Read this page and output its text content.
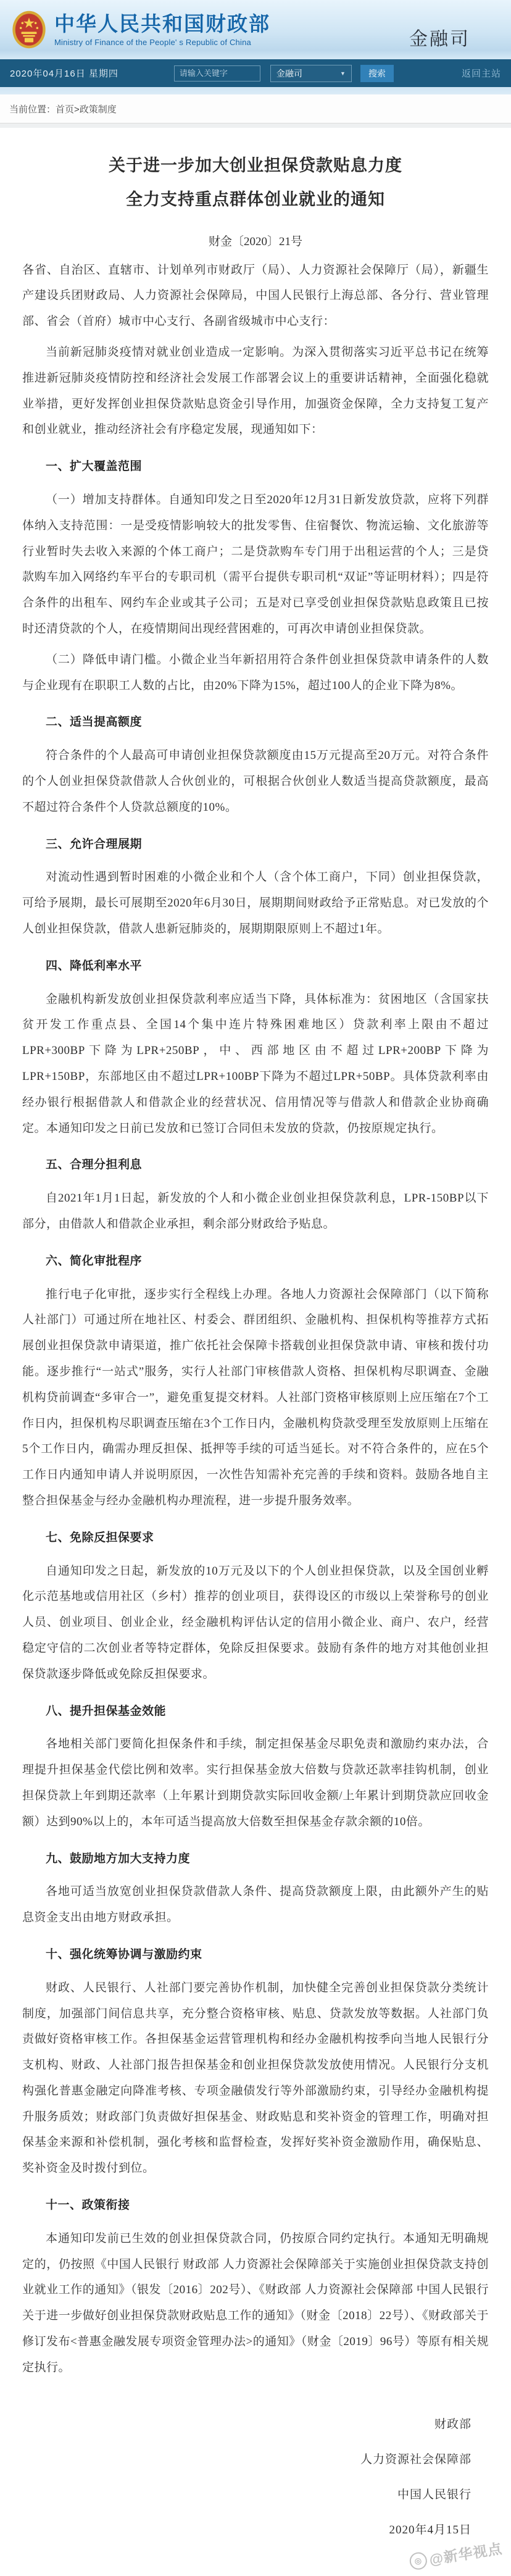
中华人民共和国财政部
Ministry of Finance of the People' s Republic of China	金融司
2020年04月16日 星期四
请输入关键字	金融司	▼	搜索	返回主站
当前位置：首页>政策制度
关于进一步加大创业担保贷款贴息力度
全力支持重点群体创业就业的通知
财金〔2020〕21号

各省、自治区、直辖市、计划单列市财政厅（局）、人力资源社会保障厅（局），新疆生产建设兵团财政局、人力资源社会保障局，中国人民银行上海总部、各分行、营业管理部、省会（首府）城市中心支行、各副省级城市中心支行：

当前新冠肺炎疫情对就业创业造成一定影响。为深入贯彻落实习近平总书记在统筹推进新冠肺炎疫情防控和经济社会发展工作部署会议上的重要讲话精神，全面强化稳就业举措，更好发挥创业担保贷款贴息资金引导作用，加强资金保障，全力支持复工复产和创业就业，推动经济社会有序稳定发展，现通知如下：

一、扩大覆盖范围

（一）增加支持群体。自通知印发之日至2020年12月31日新发放贷款，应将下列群体纳入支持范围：一是受疫情影响较大的批发零售、住宿餐饮、物流运输、文化旅游等行业暂时失去收入来源的个体工商户；二是贷款购车专门用于出租运营的个人；三是贷款购车加入网络约车平台的专职司机（需平台提供专职司机“双证”等证明材料）；四是符合条件的出租车、网约车企业或其子公司；五是对已享受创业担保贷款贴息政策且已按时还清贷款的个人，在疫情期间出现经营困难的，可再次申请创业担保贷款。

（二）降低申请门槛。小微企业当年新招用符合条件创业担保贷款申请条件的人数与企业现有在职职工人数的占比，由20%下降为15%，超过100人的企业下降为8%。

二、适当提高额度

符合条件的个人最高可申请创业担保贷款额度由15万元提高至20万元。对符合条件的个人创业担保贷款借款人合伙创业的，可根据合伙创业人数适当提高贷款额度，最高不超过符合条件个人贷款总额度的10%。

三、允许合理展期

对流动性遇到暂时困难的小微企业和个人（含个体工商户，下同）创业担保贷款，可给予展期，最长可展期至2020年6月30日，展期期间财政给予正常贴息。对已发放的个人创业担保贷款，借款人患新冠肺炎的，展期期限原则上不超过1年。

四、降低利率水平

金融机构新发放创业担保贷款利率应适当下降，具体标准为：贫困地区（含国家扶贫开发工作重点县、全国14个集中连片特殊困难地区）贷款利率上限由不超过LPR+300BP下降为LPR+250BP，中、西部地区由不超过LPR+200BP下降为LPR+150BP，东部地区由不超过LPR+100BP下降为不超过LPR+50BP。具体贷款利率由经办银行根据借款人和借款企业的经营状况、信用情况等与借款人和借款企业协商确定。本通知印发之日前已发放和已签订合同但未发放的贷款，仍按原规定执行。

五、合理分担利息

自2021年1月1日起，新发放的个人和小微企业创业担保贷款利息，LPR-150BP以下部分，由借款人和借款企业承担，剩余部分财政给予贴息。

六、简化审批程序

推行电子化审批，逐步实行全程线上办理。各地人力资源社会保障部门（以下简称人社部门）可通过所在地社区、村委会、群团组织、金融机构、担保机构等推荐方式拓展创业担保贷款申请渠道，推广依托社会保障卡搭载创业担保贷款申请、审核和拨付功能。逐步推行“一站式”服务，实行人社部门审核借款人资格、担保机构尽职调查、金融机构贷前调查“多审合一”，避免重复提交材料。人社部门资格审核原则上应压缩在7个工作日内，担保机构尽职调查压缩在3个工作日内，金融机构贷款受理至发放原则上压缩在5个工作日内，确需办理反担保、抵押等手续的可适当延长。对不符合条件的，应在5个工作日内通知申请人并说明原因，一次性告知需补充完善的手续和资料。鼓励各地自主整合担保基金与经办金融机构办理流程，进一步提升服务效率。

七、免除反担保要求

自通知印发之日起，新发放的10万元及以下的个人创业担保贷款，以及全国创业孵化示范基地或信用社区（乡村）推荐的创业项目，获得设区的市级以上荣誉称号的创业人员、创业项目、创业企业，经金融机构评估认定的信用小微企业、商户、农户，经营稳定守信的二次创业者等特定群体，免除反担保要求。鼓励有条件的地方对其他创业担保贷款逐步降低或免除反担保要求。

八、提升担保基金效能

各地相关部门要简化担保条件和手续，制定担保基金尽职免责和激励约束办法，合理提升担保基金代偿比例和效率。实行担保基金放大倍数与贷款还款率挂钩机制，创业担保贷款上年到期还款率（上年累计到期贷款实际回收金额/上年累计到期贷款应回收金额）达到90%以上的，本年可适当提高放大倍数至担保基金存款余额的10倍。

九、鼓励地方加大支持力度

各地可适当放宽创业担保贷款借款人条件、提高贷款额度上限，由此额外产生的贴息资金支出由地方财政承担。

十、强化统筹协调与激励约束

财政、人民银行、人社部门要完善协作机制，加快健全完善创业担保贷款分类统计制度，加强部门间信息共享，充分整合资格审核、贴息、贷款发放等数据。人社部门负责做好资格审核工作。各担保基金运营管理机构和经办金融机构按季向当地人民银行分支机构、财政、人社部门报告担保基金和创业担保贷款发放使用情况。人民银行分支机构强化普惠金融定向降准考核、专项金融债发行等外部激励约束，引导经办金融机构提升服务质效；财政部门负责做好担保基金、财政贴息和奖补资金的管理工作，明确对担保基金来源和补偿机制，强化考核和监督检查，发挥好奖补资金激励作用，确保贴息、奖补资金及时拨付到位。

十一、政策衔接

本通知印发前已生效的创业担保贷款合同，仍按原合同约定执行。本通知无明确规定的，仍按照《中国人民银行 财政部 人力资源社会保障部关于实施创业担保贷款支持创业就业工作的通知》（银发〔2016〕202号）、《财政部 人力资源社会保障部 中国人民银行关于进一步做好创业担保贷款财政贴息工作的通知》（财金〔2018〕22号）、《财政部关于修订发布<普惠金融发展专项资金管理办法>的通知》（财金〔2019〕96号）等原有相关规定执行。

财政部
人力资源社会保障部
中国人民银行
2020年4月15日
◎ @新华视点
